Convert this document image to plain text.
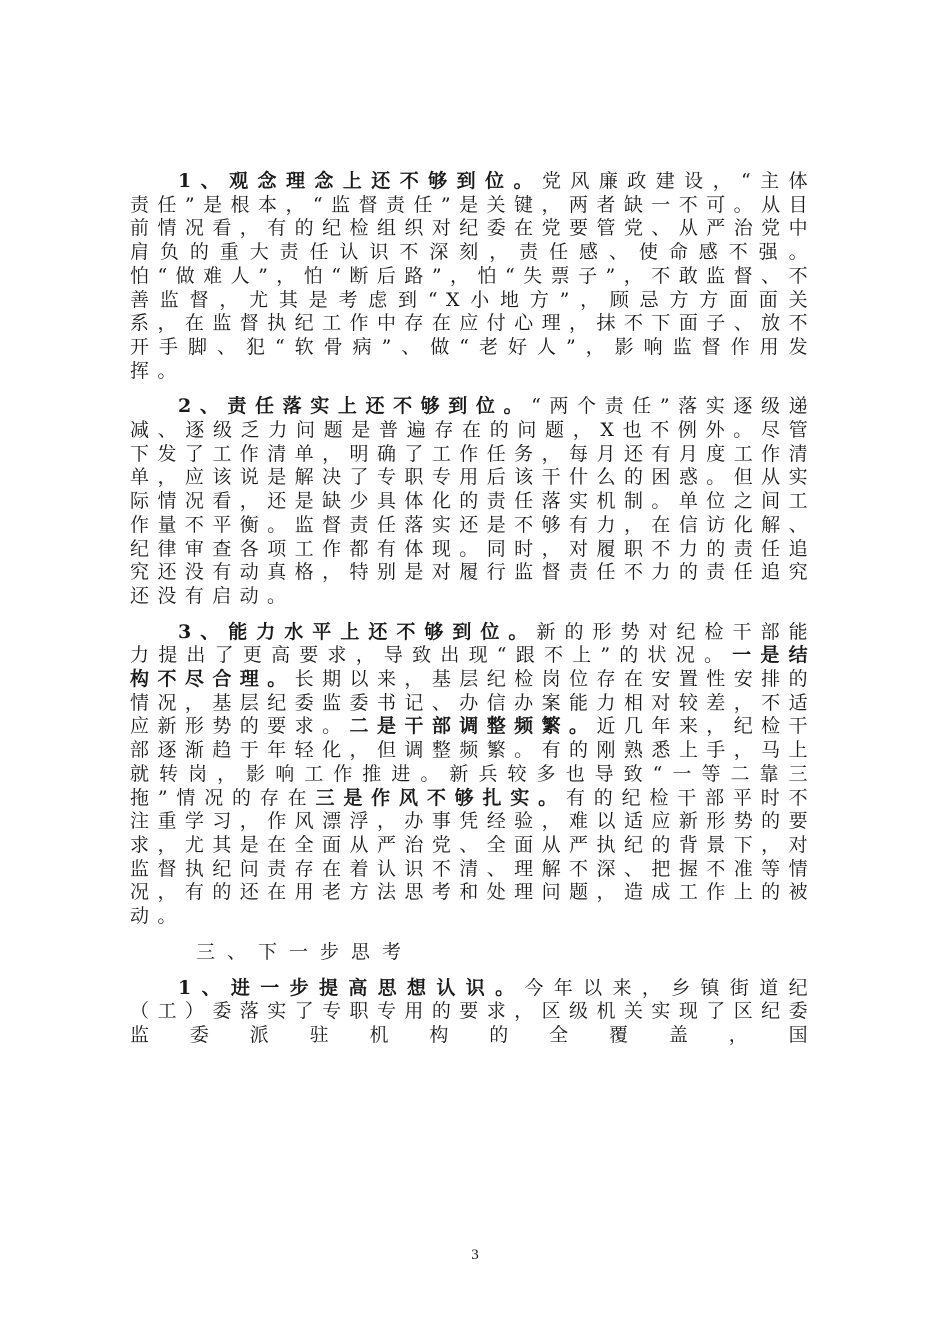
1、观念理念上还不够到位。党风廉政建设，“主体责任”是根本，“监督责任”是关键，两者缺一不可。从目前情况看，有的纪检组织对纪委在党要管党、从严治党中肩负的重大责任认识不深刻，责任感、使命感不强。怕“做难人”，怕“断后路”，怕“失票子”，不敢监督、不善监督，尤其是考虑到“X小地方”，顾忌方方面面关系，在监督执纪工作中存在应付心理，抹不下面子、放不开手脚、犯“软骨病”、做“老好人”，影响监督作用发挥。

2、责任落实上还不够到位。“两个责任”落实逐级递减、逐级乏力问题是普遍存在的问题，X也不例外。尽管下发了工作清单，明确了工作任务，每月还有月度工作清单，应该说是解决了专职专用后该干什么的困惑。但从实际情况看，还是缺少具体化的责任落实机制。单位之间工作量不平衡。监督责任落实还是不够有力，在信访化解、纪律审查各项工作都有体现。同时，对履职不力的责任追究还没有动真格，特别是对履行监督责任不力的责任追究还没有启动。

3、能力水平上还不够到位。新的形势对纪检干部能力提出了更高要求，导致出现“跟不上”的状况。一是结构不尽合理。长期以来，基层纪检岗位存在安置性安排的情况，基层纪委监委书记、办信办案能力相对较差，不适应新形势的要求。二是干部调整频繁。近几年来，纪检干部逐渐趋于年轻化，但调整频繁。有的刚熟悉上手，马上就转岗，影响工作推进。新兵较多也导致“一等二靠三拖”情况的存在三是作风不够扎实。有的纪检干部平时不注重学习，作风漂浮，办事凭经验，难以适应新形势的要求，尤其是在全面从严治党、全面从严执纪的背景下，对监督执纪问责存在着认识不清、理解不深、把握不准等情况，有的还在用老方法思考和处理问题，造成工作上的被动。

三、下一步思考

1、进一步提高思想认识。今年以来，乡镇街道纪（工）委落实了专职专用的要求，区级机关实现了区纪委监委派驻机构的全覆盖，国

3
